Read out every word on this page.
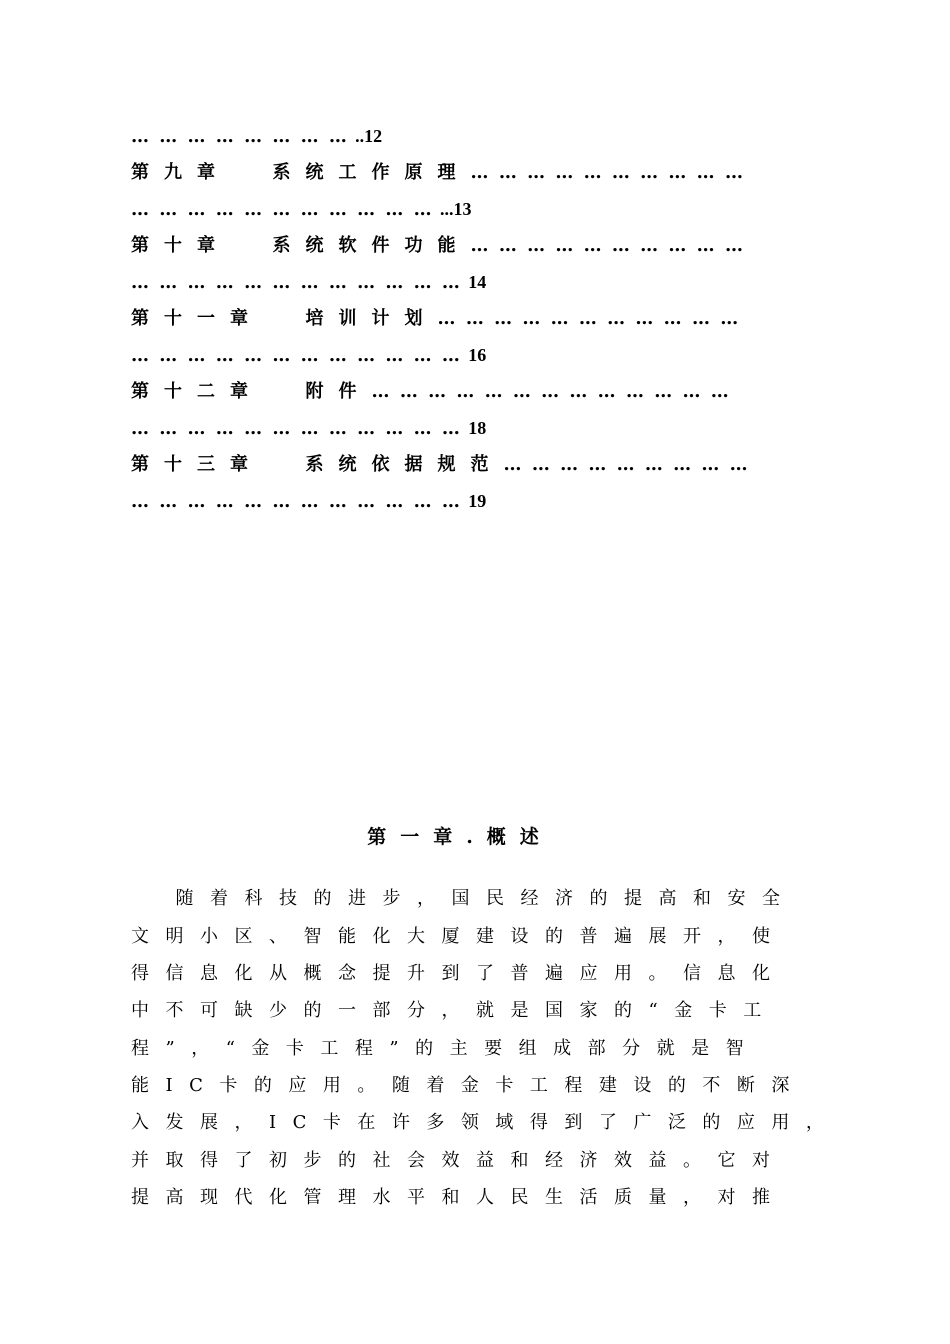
… … … … … … … … ..12
第九章  系统工作原理… … … … … … … … … …
… … … … … … … … … … … ...13
第十章  系统软件功能… … … … … … … … … …
… … … … … … … … … … … … 14
第十一章  培训计划… … … … … … … … … … …
… … … … … … … … … … … … 16
第十二章  附件… … … … … … … … … … … … …
… … … … … … … … … … … … 18
第十三章  系统依据规范… … … … … … … … …
… … … … … … … … … … … … 19
第一章.概述
随着科技的进步，国民经济的提高和安全
文明小区、智能化大厦建设的普遍展开，使
得信息化从概念提升到了普遍应用。信息化
中不可缺少的一部分，就是国家的“金卡工
程”，“金卡工程”的主要组成部分就是智
能IC卡的应用。随着金卡工程建设的不断深
入发展，IC卡在许多领域得到了广泛的应用，
并取得了初步的社会效益和经济效益。它对
提高现代化管理水平和人民生活质量，对推
